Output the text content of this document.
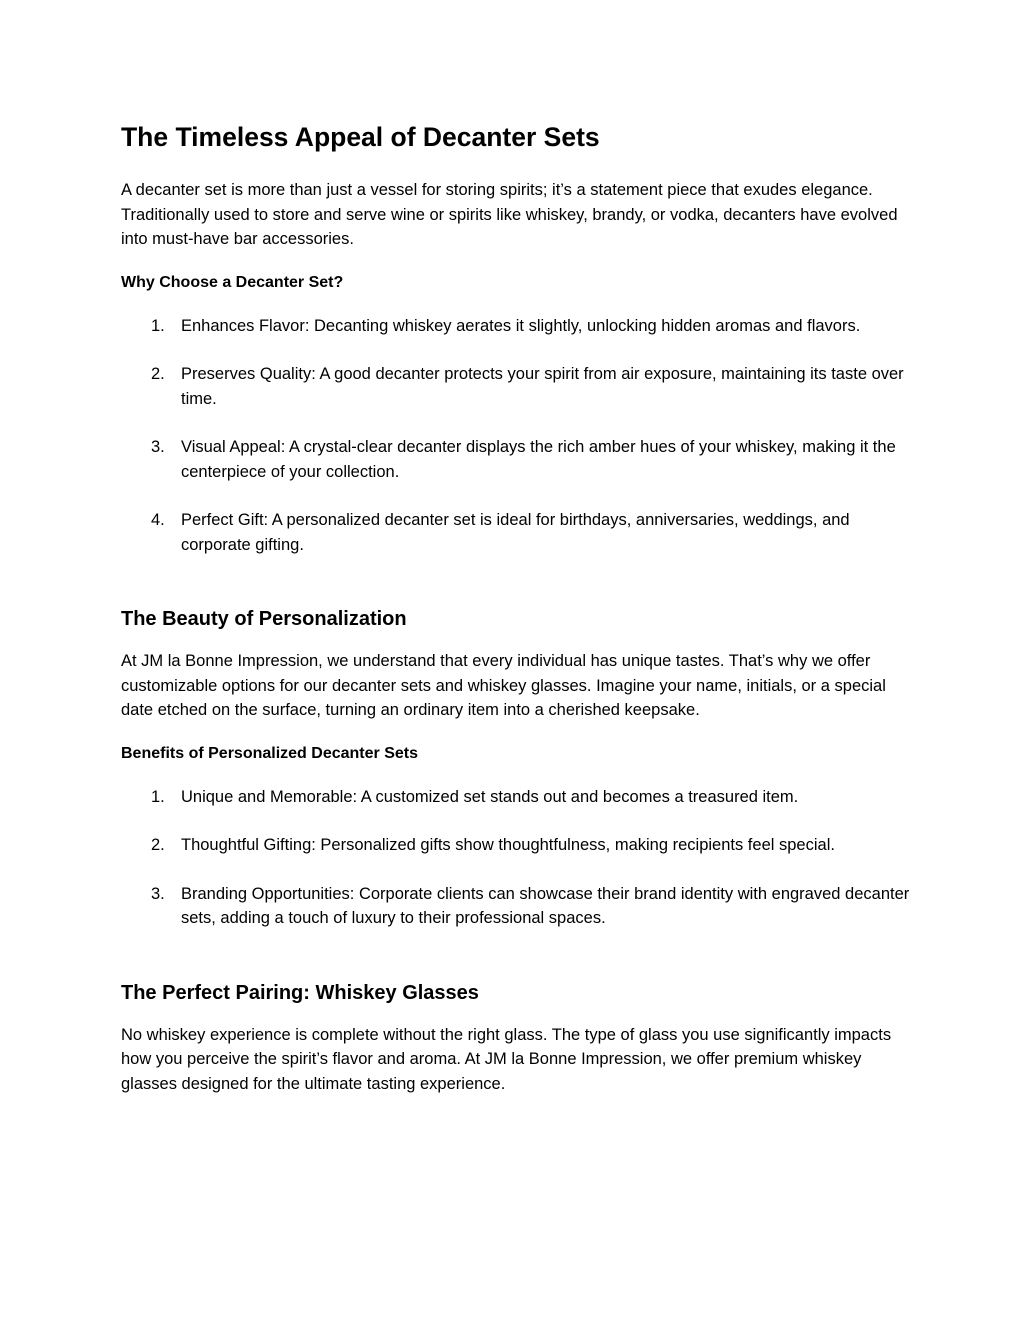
The Timeless Appeal of Decanter Sets

A decanter set is more than just a vessel for storing spirits; it’s a statement piece that exudes elegance. Traditionally used to store and serve wine or spirits like whiskey, brandy, or vodka, decanters have evolved into must-have bar accessories.

Why Choose a Decanter Set?
1. Enhances Flavor: Decanting whiskey aerates it slightly, unlocking hidden aromas and flavors.
2. Preserves Quality: A good decanter protects your spirit from air exposure, maintaining its taste over time.
3. Visual Appeal: A crystal-clear decanter displays the rich amber hues of your whiskey, making it the centerpiece of your collection.
4. Perfect Gift: A personalized decanter set is ideal for birthdays, anniversaries, weddings, and corporate gifting.
The Beauty of Personalization

At JM la Bonne Impression, we understand that every individual has unique tastes. That’s why we offer customizable options for our decanter sets and whiskey glasses. Imagine your name, initials, or a special date etched on the surface, turning an ordinary item into a cherished keepsake.

Benefits of Personalized Decanter Sets
1. Unique and Memorable: A customized set stands out and becomes a treasured item.
2. Thoughtful Gifting: Personalized gifts show thoughtfulness, making recipients feel special.
3. Branding Opportunities: Corporate clients can showcase their brand identity with engraved decanter sets, adding a touch of luxury to their professional spaces.
The Perfect Pairing: Whiskey Glasses

No whiskey experience is complete without the right glass. The type of glass you use significantly impacts how you perceive the spirit’s flavor and aroma. At JM la Bonne Impression, we offer premium whiskey glasses designed for the ultimate tasting experience.
